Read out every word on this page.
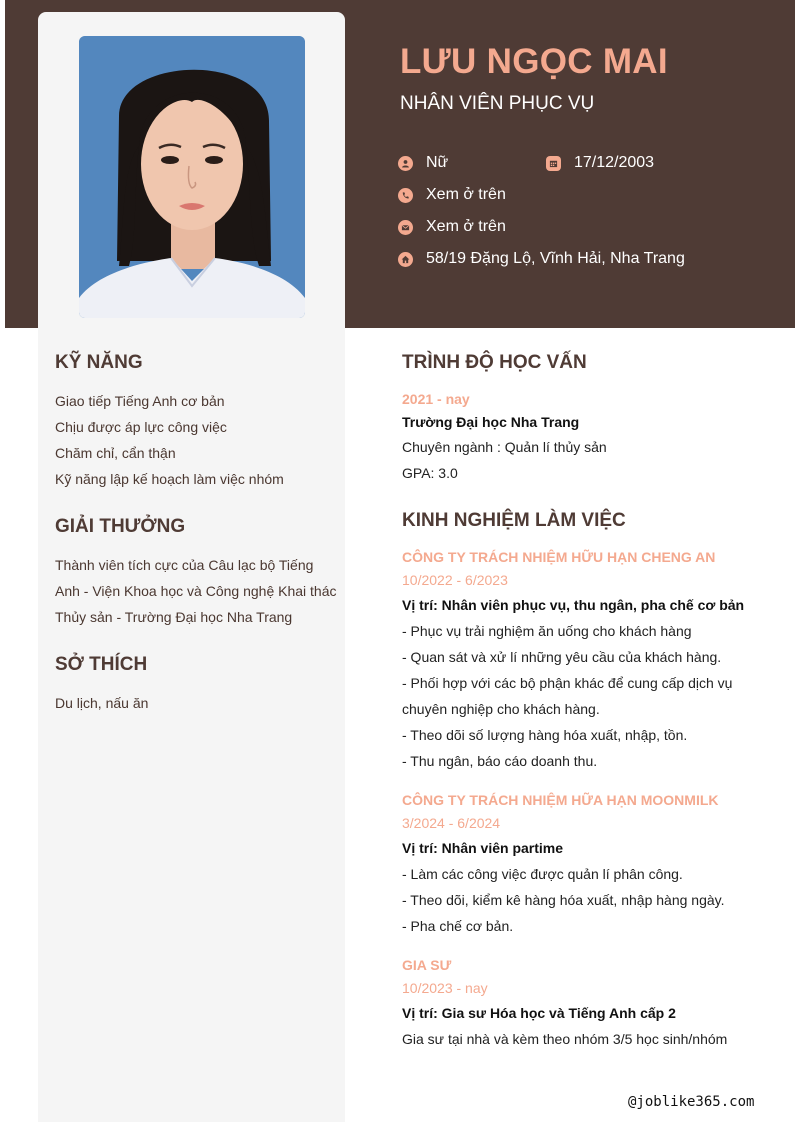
LƯU NGỌC MAI
NHÂN VIÊN PHỤC VỤ
Nữ	17/12/2003
Xem ở trên
Xem ở trên
58/19 Đặng Lộ, Vĩnh Hải, Nha Trang
KỸ NĂNG
Giao tiếp Tiếng Anh cơ bản
Chịu được áp lực công việc
Chăm chỉ, cẩn thận
Kỹ năng lập kế hoạch làm việc nhóm
GIẢI THƯỞNG
Thành viên tích cực của Câu lạc bộ Tiếng
Anh - Viện Khoa học và Công nghệ Khai thác
Thủy sản - Trường Đại học Nha Trang
SỞ THÍCH
Du lịch, nấu ăn
TRÌNH ĐỘ HỌC VẤN
2021 - nay
Trường Đại học Nha Trang
Chuyên ngành : Quản lí thủy sản
GPA: 3.0
KINH NGHIỆM LÀM VIỆC
CÔNG TY TRÁCH NHIỆM HỮU HẠN CHENG AN
10/2022 - 6/2023
Vị trí: Nhân viên phục vụ, thu ngân, pha chế cơ bản
- Phục vụ trải nghiệm ăn uống cho khách hàng
- Quan sát và xử lí những yêu cầu của khách hàng.
- Phối hợp với các bộ phận khác để cung cấp dịch vụ
chuyên nghiệp cho khách hàng.
- Theo dõi số lượng hàng hóa xuất, nhập, tồn.
- Thu ngân, báo cáo doanh thu.
CÔNG TY TRÁCH NHIỆM HỮA HẠN MOONMILK
3/2024 - 6/2024
Vị trí: Nhân viên partime
- Làm các công việc được quản lí phân công.
- Theo dõi, kiểm kê hàng hóa xuất, nhập hàng ngày.
- Pha chế cơ bản.
GIA SƯ
10/2023 - nay
Vị trí: Gia sư Hóa học và Tiếng Anh cấp 2
Gia sư tại nhà và kèm theo nhóm 3/5 học sinh/nhóm
@joblike365.com
